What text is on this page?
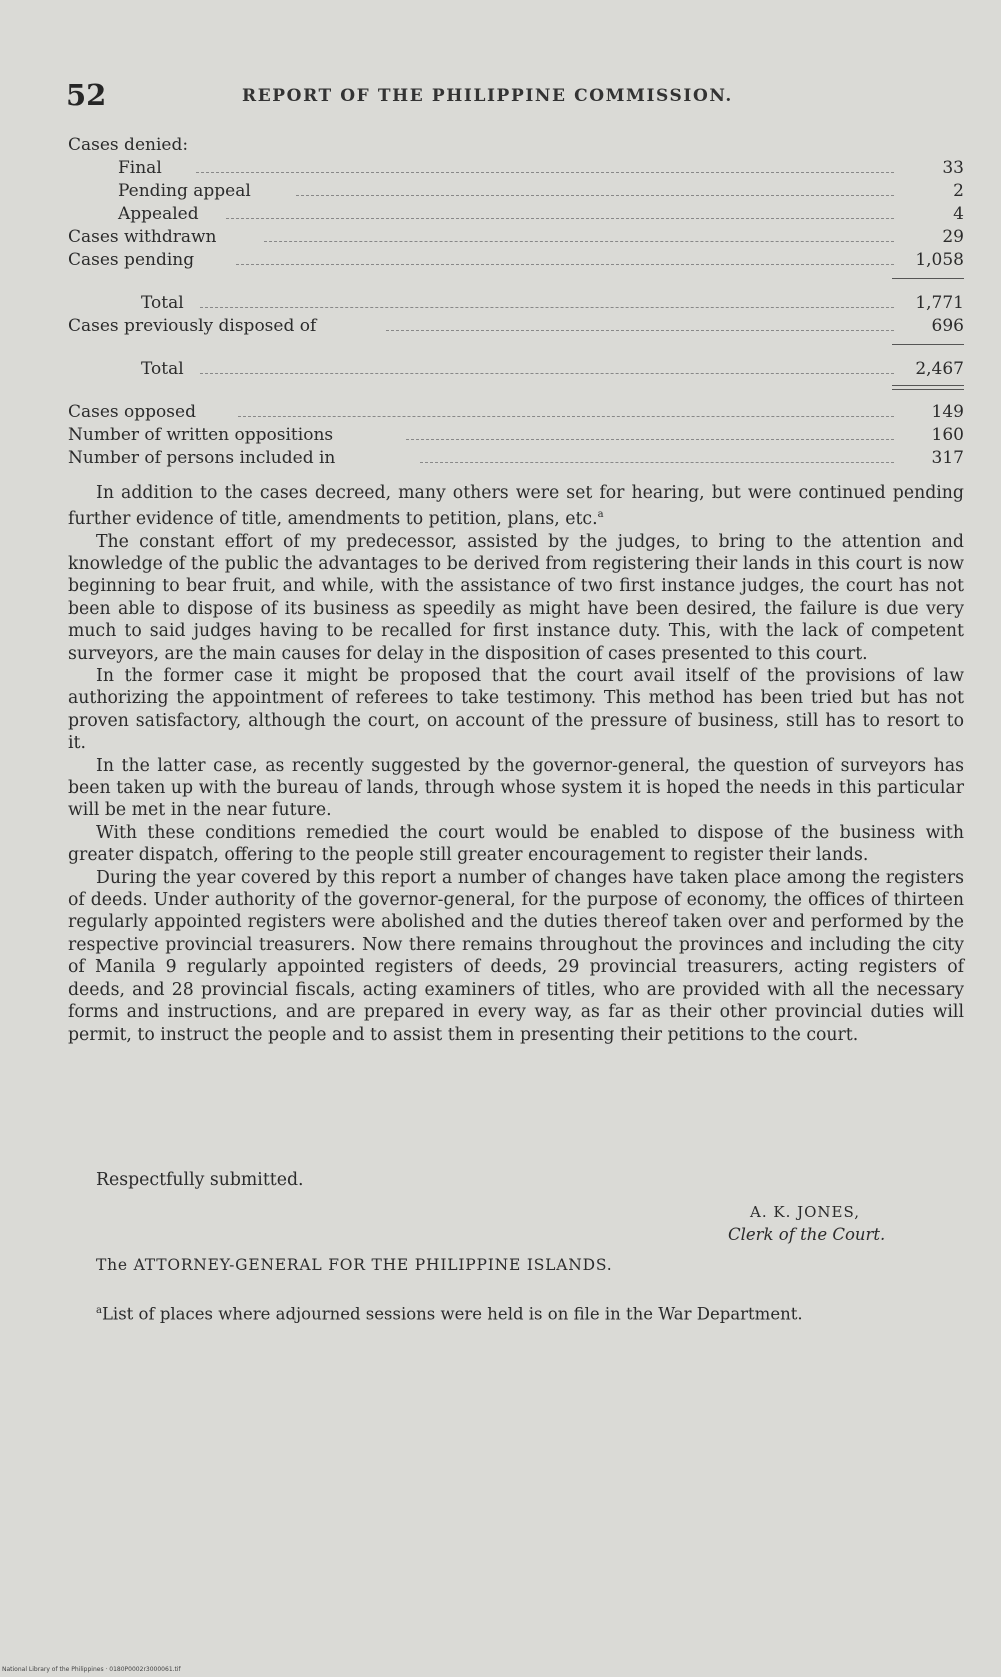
52	REPORT OF THE PHILIPPINE COMMISSION.
Cases denied:
Final	33
Pending appeal	2
Appealed	4
Cases withdrawn	29
Cases pending	1,058
Total	1,771
Cases previously disposed of	696
Total	2,467
Cases opposed	149
Number of written oppositions	160
Number of persons included in	317

In addition to the cases decreed, many others were set for hearing, but were continued pending further evidence of title, amendments to petition, plans, etc.$^a$

The constant effort of my predecessor, assisted by the judges, to bring to the attention and knowledge of the public the advantages to be derived from registering their lands in this court is now beginning to bear fruit, and while, with the assistance of two first instance judges, the court has not been able to dispose of its business as speedily as might have been desired, the failure is due very much to said judges having to be recalled for first instance duty. This, with the lack of competent surveyors, are the main causes for delay in the disposition of cases presented to this court.

In the former case it might be proposed that the court avail itself of the provisions of law authorizing the appointment of referees to take testimony. This method has been tried but has not proven satisfactory, although the court, on account of the pressure of business, still has to resort to it.

In the latter case, as recently suggested by the governor-general, the question of surveyors has been taken up with the bureau of lands, through whose system it is hoped the needs in this particular will be met in the near future.

With these conditions remedied the court would be enabled to dispose of the business with greater dispatch, offering to the people still greater encouragement to register their lands.

During the year covered by this report a number of changes have taken place among the registers of deeds. Under authority of the governor-general, for the purpose of economy, the offices of thirteen regularly appointed registers were abolished and the duties thereof taken over and performed by the respective provincial treasurers. Now there remains throughout the provinces and including the city of Manila 9 regularly appointed registers of deeds, 29 provincial treasurers, acting registers of deeds, and 28 provincial fiscals, acting examiners of titles, who are provided with all the necessary forms and instructions, and are prepared in every way, as far as their other provincial duties will permit, to instruct the people and to assist them in presenting their petitions to the court.

Respectfully submitted.
A. K. JONES,
Clerk of the Court.
The ATTORNEY-GENERAL FOR THE PHILIPPINE ISLANDS.
$^a$List of places where adjourned sessions were held is on file in the War Department.
National Library of the Philippines · 0180P0002r3000061.tif
